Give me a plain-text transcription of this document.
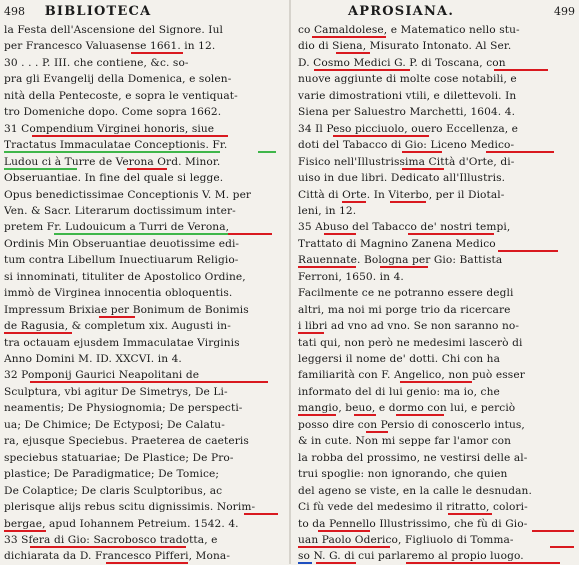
498 BIBLIOTECA
la Festa dell'Ascensione del Signore. Iul
per Francesco Valuasense 1661. in 12.
30 . . . P. III. che contiene, &c. so-
pra gli Evangelij della Domenica, e solen-
nità della Pentecoste, e sopra le ventiquat-
tro Domeniche dopo. Come sopra 1662.
31 Compendium Virginei honoris, siue
Tractatus Immaculatae Conceptionis. Fr.
Ludou ci à Turre de Verona Ord. Minor.
Obseruantiae. In fine del quale si legge.
Opus benedictissimae Conceptionis V. M. per
Ven. & Sacr. Literarum doctissimum inter-
pretem Fr. Ludouicum a Turri de Verona,
Ordinis Min Obseruantiae deuotissime edi-
tum contra Libellum Inuectiuarum Religio-
si innominati, tituliter de Apostolico Ordine,
immò de Virginea innocentia obloquentis.
Impressum Brixiae per Bonimum de Bonimis
de Ragusia, & completum xix. Augusti in-
tra octauam ejusdem Immaculatae Virginis
Anno Domini M. ID. XXCVI. in 4.
32 Pomponij Gaurici Neapolitani de
Sculptura, vbi agitur De Simetrys, De Li-
neamentis; De Physiognomia; De perspecti-
ua; De Chimice; De Ectyposi; De Calatu-
ra, ejusque Speciebus. Praeterea de caeteris
speciebus statuariae; De Plastice; De Pro-
plastice; De Paradigmatice; De Tomice;
De Colaptice; De claris Sculptoribus, ac
plerisque alijs rebus scitu dignissimis. Norim-
bergae, apud Iohannem Petreium. 1542. 4.
33 Sfera di Gio: Sacrobosco tradotta, e
dichiarata da D. Francesco Pifferi, Mona-
APROSIANA.	499
co Camaldolese, e Matematico nello stu-
dio di Siena, Misurato Intonato. Al Ser.
D. Cosmo Medici G. P. di Toscana, con
nuove aggiunte di molte cose notabili, e
varie dimostrationi vtili, e dilettevoli. In
Siena per Saluestro Marchetti, 1604. 4.
34 Il Peso picciuolo, ouero Eccellenza, e
doti del Tabacco di Gio: Liceno Medico-
Fisico nell'Illustrissima Città d'Orte, di-
uiso in due libri. Dedicato all'Illustris.
Città di Orte. In Viterbo, per il Diotal-
leni, in 12.
35 Abuso del Tabacco de' nostri tempi,
Trattato di Magnino Zanena Medico
Rauennate. Bologna per Gio: Battista
Ferroni, 1650. in 4.
Facilmente ce ne potranno essere degli
altri, ma noi mi porge trio da ricercare
i libri ad vno ad vno. Se non saranno no-
tati qui, non però ne medesimi lascerò di
leggersi il nome de' dotti. Chi con ha
familiarità con F. Angelico, non può esser
informato del di lui genio: ma io, che
mangio, beuo, e dormo con lui, e perciò
posso dire con Persio di conoscerlo intus,
& in cute. Non mi seppe far l'amor con
la robba del prossimo, ne vestirsi delle al-
trui spoglie: non ignorando, che quien
del ageno se viste, en la calle le desnudan.
Ci fù vede del medesimo il ritratto, colori-
to da Pennello Illustrissimo, che fù di Gio-
uan Paolo Oderico, Figliuolo di Tomma-
so N. G. di cui parlaremo al propio luogo.
